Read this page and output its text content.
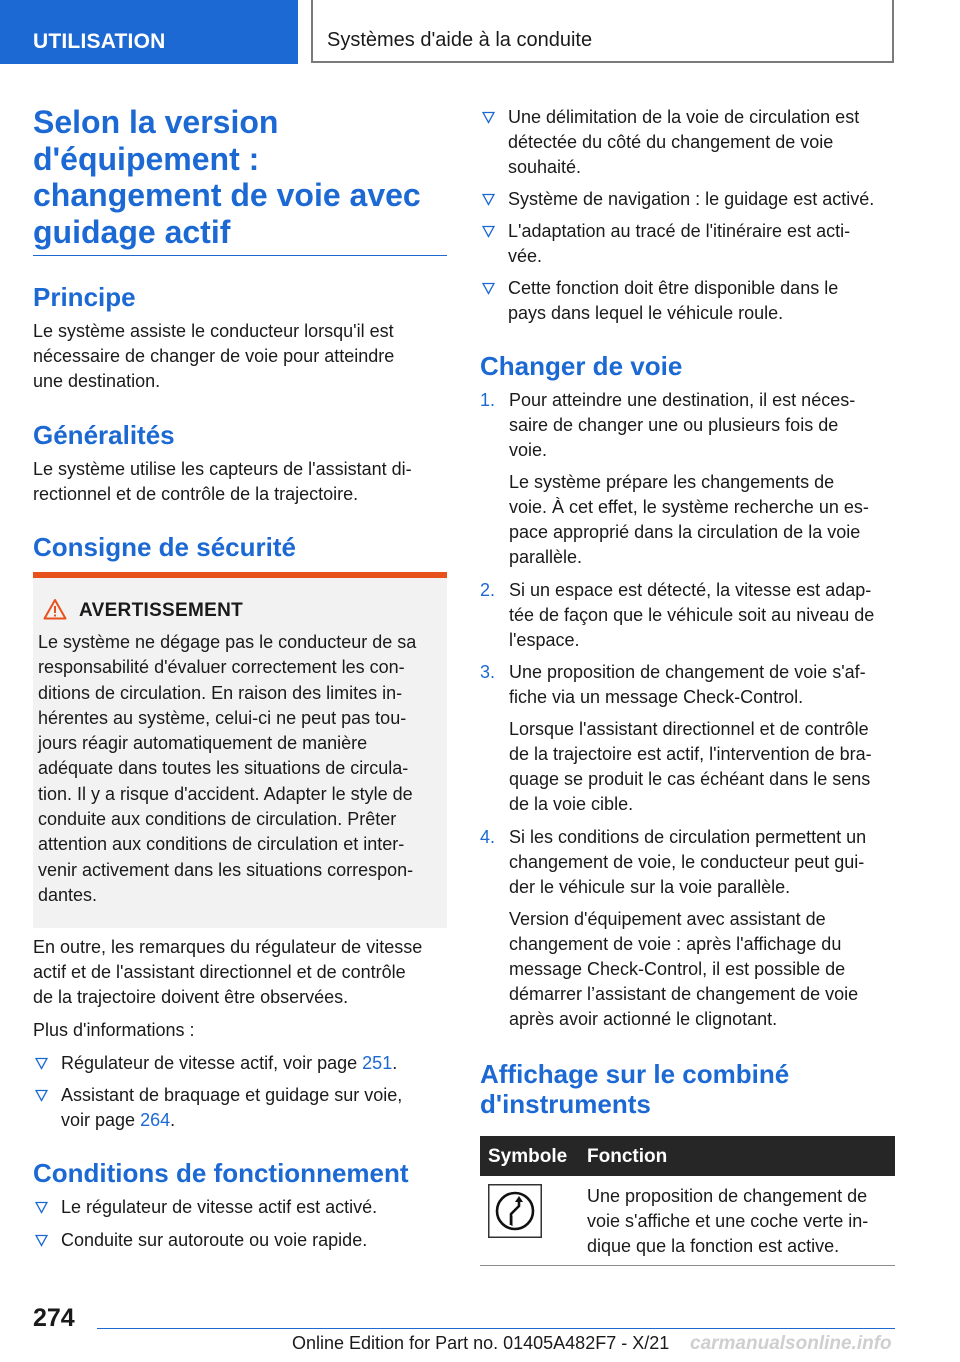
UTILISATION	Systèmes d'aide à la conduite
Selon la version
d'équipement :
changement de voie avec
guidage actif
Principe
Le système assiste le conducteur lorsqu'il est
nécessaire de changer de voie pour atteindre
une destination.
Généralités
Le système utilise les capteurs de l'assistant di-
rectionnel et de contrôle de la trajectoire.
Consigne de sécurité
AVERTISSEMENT
Le système ne dégage pas le conducteur de sa
responsabilité d'évaluer correctement les con-
ditions de circulation. En raison des limites in-
hérentes au système, celui-ci ne peut pas tou-
jours réagir automatiquement de manière
adéquate dans toutes les situations de circula-
tion. Il y a risque d'accident. Adapter le style de
conduite aux conditions de circulation. Prêter
attention aux conditions de circulation et inter-
venir activement dans les situations correspon-
dantes.
En outre, les remarques du régulateur de vitesse
actif et de l'assistant directionnel et de contrôle
de la trajectoire doivent être observées.
Plus d'informations :
Régulateur de vitesse actif, voir page 251.
Assistant de braquage et guidage sur voie,
voir page 264.
Conditions de fonctionnement
Le régulateur de vitesse actif est activé.
Conduite sur autoroute ou voie rapide.
Une délimitation de la voie de circulation est
détectée du côté du changement de voie
souhaité.
Système de navigation : le guidage est activé.
L'adaptation au tracé de l'itinéraire est acti-
vée.
Cette fonction doit être disponible dans le
pays dans lequel le véhicule roule.
Changer de voie
1. Pour atteindre une destination, il est néces-
saire de changer une ou plusieurs fois de
voie.
Le système prépare les changements de
voie. À cet effet, le système recherche un es-
pace approprié dans la circulation de la voie
parallèle.
2. Si un espace est détecté, la vitesse est adap-
tée de façon que le véhicule soit au niveau de
l'espace.
3. Une proposition de changement de voie s'af-
fiche via un message Check-Control.
Lorsque l'assistant directionnel et de contrôle
de la trajectoire est actif, l'intervention de bra-
quage se produit le cas échéant dans le sens
de la voie cible.
4. Si les conditions de circulation permettent un
changement de voie, le conducteur peut gui-
der le véhicule sur la voie parallèle.
Version d'équipement avec assistant de
changement de voie : après l'affichage du
message Check-Control, il est possible de
démarrer l’assistant de changement de voie
après avoir actionné le clignotant.
Affichage sur le combiné
d'instruments
Symbole Fonction
Une proposition de changement de
voie s'affiche et une coche verte in-
dique que la fonction est active.
274
Online Edition for Part no. 01405A482F7 - X/21 carmanualsonline.info
